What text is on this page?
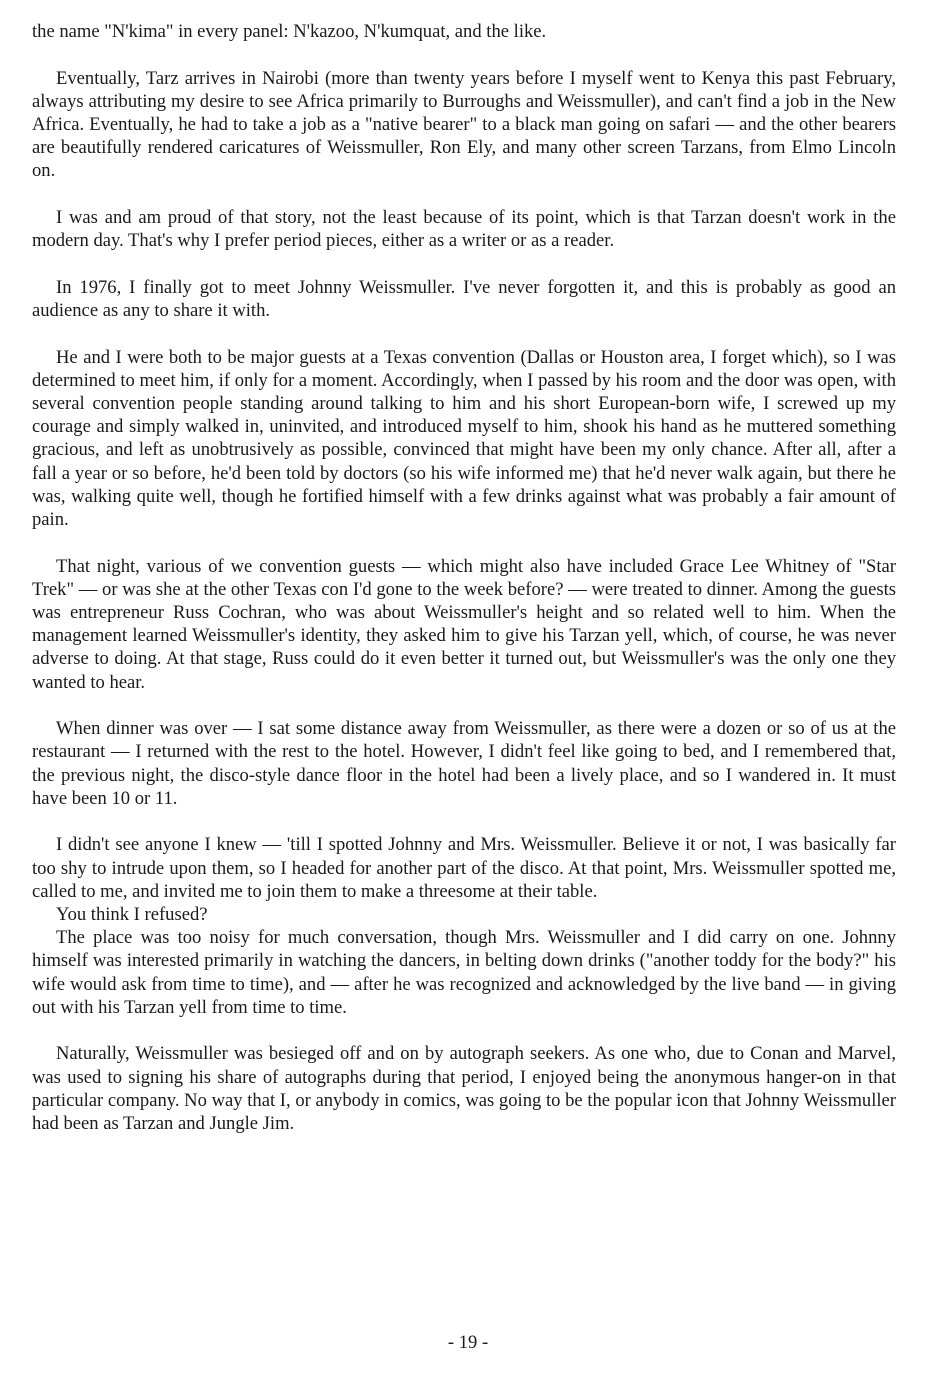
the name "N'kima" in every panel: N'kazoo, N'kumquat, and the like.

Eventually, Tarz arrives in Nairobi (more than twenty years before I myself went to Kenya this past February, always attributing my desire to see Africa primarily to Burroughs and Weissmuller), and can't find a job in the New Africa. Eventually, he had to take a job as a "native bearer" to a black man going on safari — and the other bearers are beautifully rendered caricatures of Weissmuller, Ron Ely, and many other screen Tarzans, from Elmo Lincoln on.

I was and am proud of that story, not the least because of its point, which is that Tarzan doesn't work in the modern day. That's why I prefer period pieces, either as a writer or as a reader.

In 1976, I finally got to meet Johnny Weissmuller. I've never forgotten it, and this is probably as good an audience as any to share it with.

He and I were both to be major guests at a Texas convention (Dallas or Houston area, I forget which), so I was determined to meet him, if only for a moment. Accordingly, when I passed by his room and the door was open, with several convention people standing around talking to him and his short European-born wife, I screwed up my courage and simply walked in, uninvited, and introduced myself to him, shook his hand as he muttered something gracious, and left as unobtrusively as possible, convinced that might have been my only chance. After all, after a fall a year or so before, he'd been told by doctors (so his wife informed me) that he'd never walk again, but there he was, walking quite well, though he fortified himself with a few drinks against what was probably a fair amount of pain.

That night, various of we convention guests — which might also have included Grace Lee Whitney of "Star Trek" — or was she at the other Texas con I'd gone to the week before? — were treated to dinner. Among the guests was entrepreneur Russ Cochran, who was about Weissmuller's height and so related well to him. When the management learned Weissmuller's identity, they asked him to give his Tarzan yell, which, of course, he was never adverse to doing. At that stage, Russ could do it even better it turned out, but Weissmuller's was the only one they wanted to hear.

When dinner was over — I sat some distance away from Weissmuller, as there were a dozen or so of us at the restaurant — I returned with the rest to the hotel. However, I didn't feel like going to bed, and I remembered that, the previous night, the disco-style dance floor in the hotel had been a lively place, and so I wandered in. It must have been 10 or 11.

I didn't see anyone I knew — 'till I spotted Johnny and Mrs. Weissmuller. Believe it or not, I was basically far too shy to intrude upon them, so I headed for another part of the disco. At that point, Mrs. Weissmuller spotted me, called to me, and invited me to join them to make a threesome at their table.

You think I refused?

The place was too noisy for much conversation, though Mrs. Weissmuller and I did carry on one. Johnny himself was interested primarily in watching the dancers, in belting down drinks ("another toddy for the body?" his wife would ask from time to time), and — after he was recognized and acknowledged by the live band — in giving out with his Tarzan yell from time to time.

Naturally, Weissmuller was besieged off and on by autograph seekers. As one who, due to Conan and Marvel, was used to signing his share of autographs during that period, I enjoyed being the anonymous hanger-on in that particular company. No way that I, or anybody in comics, was going to be the popular icon that Johnny Weissmuller had been as Tarzan and Jungle Jim.

- 19 -
